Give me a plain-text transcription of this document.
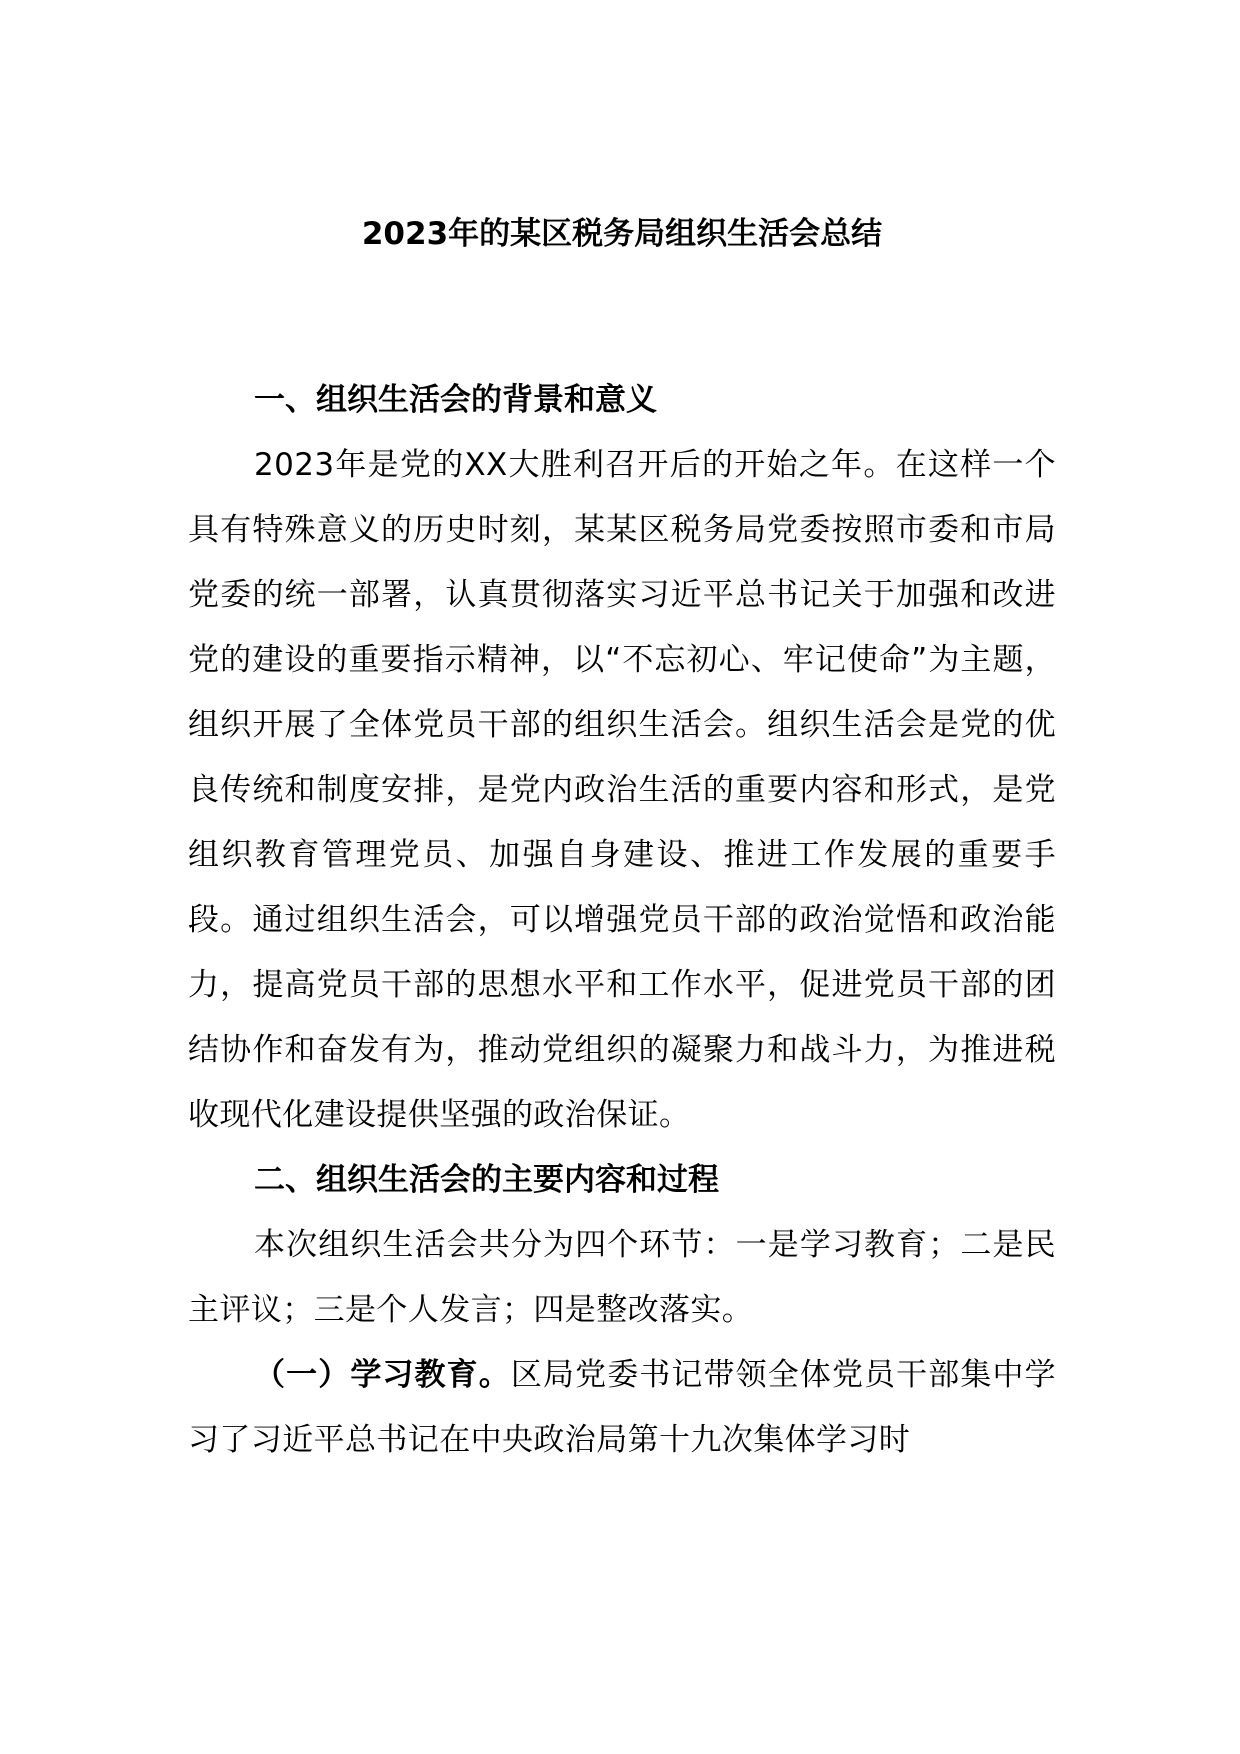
2023年的某区税务局组织生活会总结

一、组织生活会的背景和意义

2023年是党的XX大胜利召开后的开始之年。在这样一个具有特殊意义的历史时刻，某某区税务局党委按照市委和市局党委的统一部署，认真贯彻落实习近平总书记关于加强和改进党的建设的重要指示精神，以“不忘初心、牢记使命”为主题，组织开展了全体党员干部的组织生活会。组织生活会是党的优良传统和制度安排，是党内政治生活的重要内容和形式，是党组织教育管理党员、加强自身建设、推进工作发展的重要手段。通过组织生活会，可以增强党员干部的政治觉悟和政治能力，提高党员干部的思想水平和工作水平，促进党员干部的团结协作和奋发有为，推动党组织的凝聚力和战斗力，为推进税收现代化建设提供坚强的政治保证。

二、组织生活会的主要内容和过程

本次组织生活会共分为四个环节：一是学习教育；二是民主评议；三是个人发言；四是整改落实。

（一）学习教育。区局党委书记带领全体党员干部集中学习了习近平总书记在中央政治局第十九次集体学习时
